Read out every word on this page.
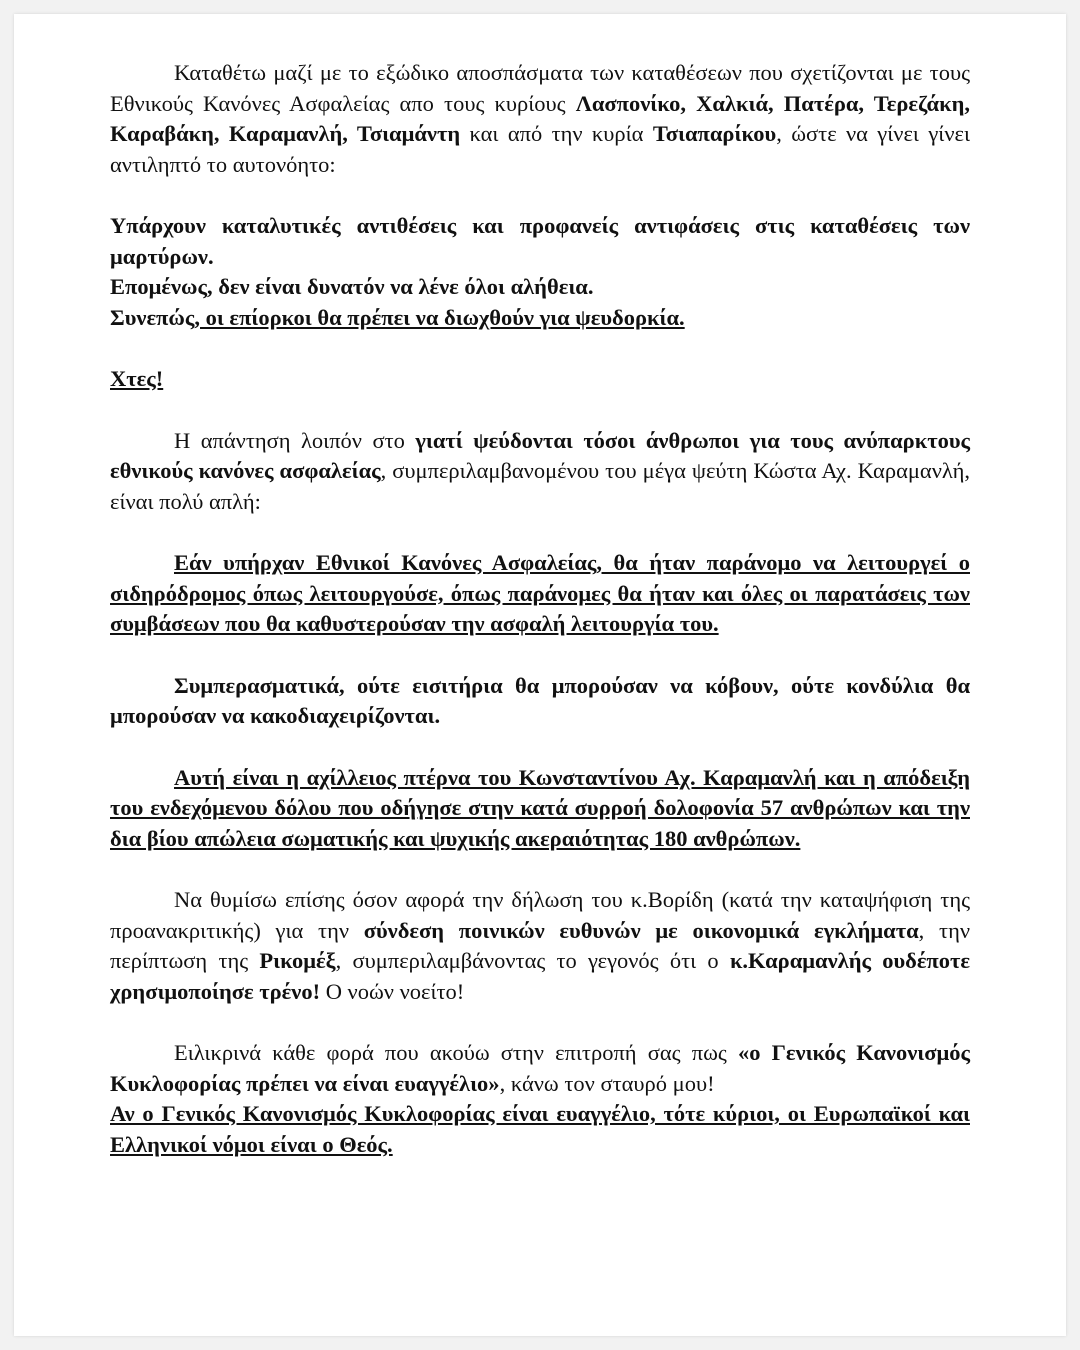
Καταθέτω μαζί με το εξώδικο αποσπάσματα των καταθέσεων που σχετίζονται με τους Εθνικούς Κανόνες Ασφαλείας απο τους κυρίους Λασπονίκο, Χαλκιά, Πατέρα, Τερεζάκη, Καραβάκη, Καραμανλή, Τσιαμάντη και από την κυρία Τσιαπαρίκου, ώστε να γίνει γίνει αντιληπτό το αυτονόητο:

Υπάρχουν καταλυτικές αντιθέσεις και προφανείς αντιφάσεις στις καταθέσεις των μαρτύρων.

Επομένως, δεν είναι δυνατόν να λένε όλοι αλήθεια.

Συνεπώς, οι επίορκοι θα πρέπει να διωχθούν για ψευδορκία.

Χτες!

Η απάντηση λοιπόν στο γιατί ψεύδονται τόσοι άνθρωποι για τους ανύπαρκτους εθνικούς κανόνες ασφαλείας, συμπεριλαμβανομένου του μέγα ψεύτη Κώστα Αχ. Καραμανλή, είναι πολύ απλή:

Εάν υπήρχαν Εθνικοί Κανόνες Ασφαλείας, θα ήταν παράνομο να λειτουργεί ο σιδηρόδρομος όπως λειτουργούσε, όπως παράνομες θα ήταν και όλες οι παρατάσεις των συμβάσεων που θα καθυστερούσαν την ασφαλή λειτουργία του.

Συμπερασματικά, ούτε εισιτήρια θα μπορούσαν να κόβουν, ούτε κονδύλια θα μπορούσαν να κακοδιαχειρίζονται.

Αυτή είναι η αχίλλειος πτέρνα του Κωνσταντίνου Αχ. Καραμανλή και η απόδειξη του ενδεχόμενου δόλου που οδήγησε στην κατά συρροή δολοφονία 57 ανθρώπων και την δια βίου απώλεια σωματικής και ψυχικής ακεραιότητας 180 ανθρώπων.

Να θυμίσω επίσης όσον αφορά την δήλωση του κ.Βορίδη (κατά την καταψήφιση της προανακριτικής) για την σύνδεση ποινικών ευθυνών με οικονομικά εγκλήματα, την περίπτωση της Ρικομέξ, συμπεριλαμβάνοντας το γεγονός ότι ο κ.Καραμανλής ουδέποτε χρησιμοποίησε τρένο! Ο νοών νοείτο!

Ειλικρινά κάθε φορά που ακούω στην επιτροπή σας πως «ο Γενικός Κανονισμός Κυκλοφορίας πρέπει να είναι ευαγγέλιο», κάνω τον σταυρό μου!

Αν ο Γενικός Κανονισμός Κυκλοφορίας είναι ευαγγέλιο, τότε κύριοι, οι Ευρωπαϊκοί και Ελληνικοί νόμοι είναι ο Θεός.
